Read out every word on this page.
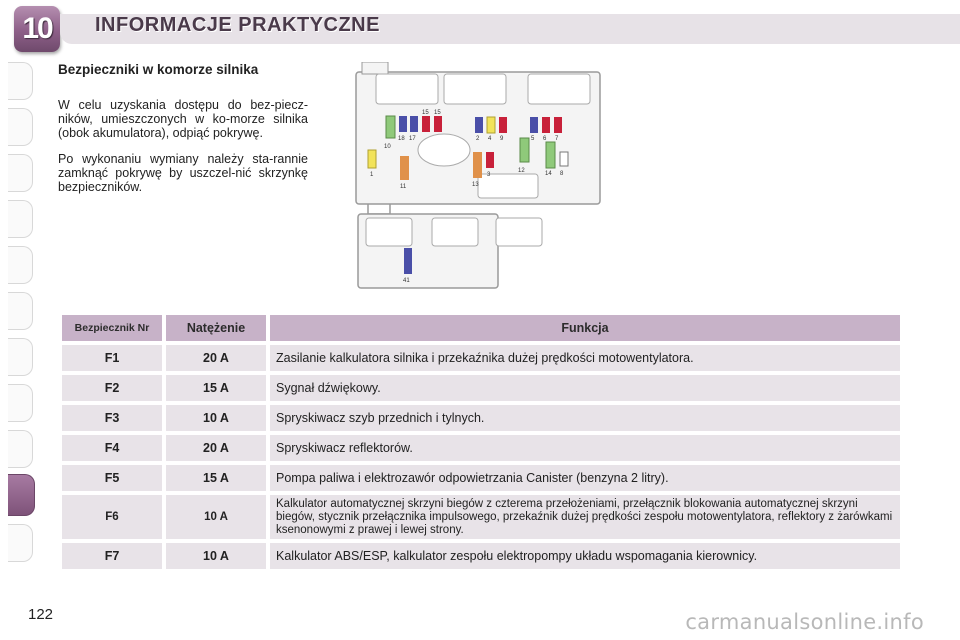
10 INFORMACJE PRAKTYCZNE
Bezpieczniki w komorze silnika
W celu uzyskania dostępu do bez-pieczników, umieszczonych w ko-morze silnika (obok akumulatora), odpiąć pokrywę.
Po wykonaniu wymiany należy sta-rannie zamknąć pokrywę by uszczel-nić skrzynkę bezpieczników.
10
18 17
15 15
2 4 9	5 6 7
1
11	13
3
12	14 8
41
Bezpiecznik Nr	Natężenie	Funkcja
F1	20 A	Zasilanie kalkulatora silnika i przekaźnika dużej prędkości motowentylatora.
F2	15 A	Sygnał dźwiękowy.
F3	10 A	Spryskiwacz szyb przednich i tylnych.
F4	20 A	Spryskiwacz reflektorów.
F5	15 A	Pompa paliwa i elektrozawór odpowietrzania Canister (benzyna 2 litry).
F6	10 A	Kalkulator automatycznej skrzyni biegów z czterema przełożeniami, przełącznik blokowania automatycznej skrzyni biegów, stycznik przełącznika impulsowego, przekaźnik dużej prędkości zespołu motowentylatora, reflektory z żarówkami ksenonowymi z prawej i lewej strony.
F7	10 A	Kalkulator ABS/ESP, kalkulator zespołu elektropompy układu wspomagania kierownicy.
122	carmanualsonline.info
